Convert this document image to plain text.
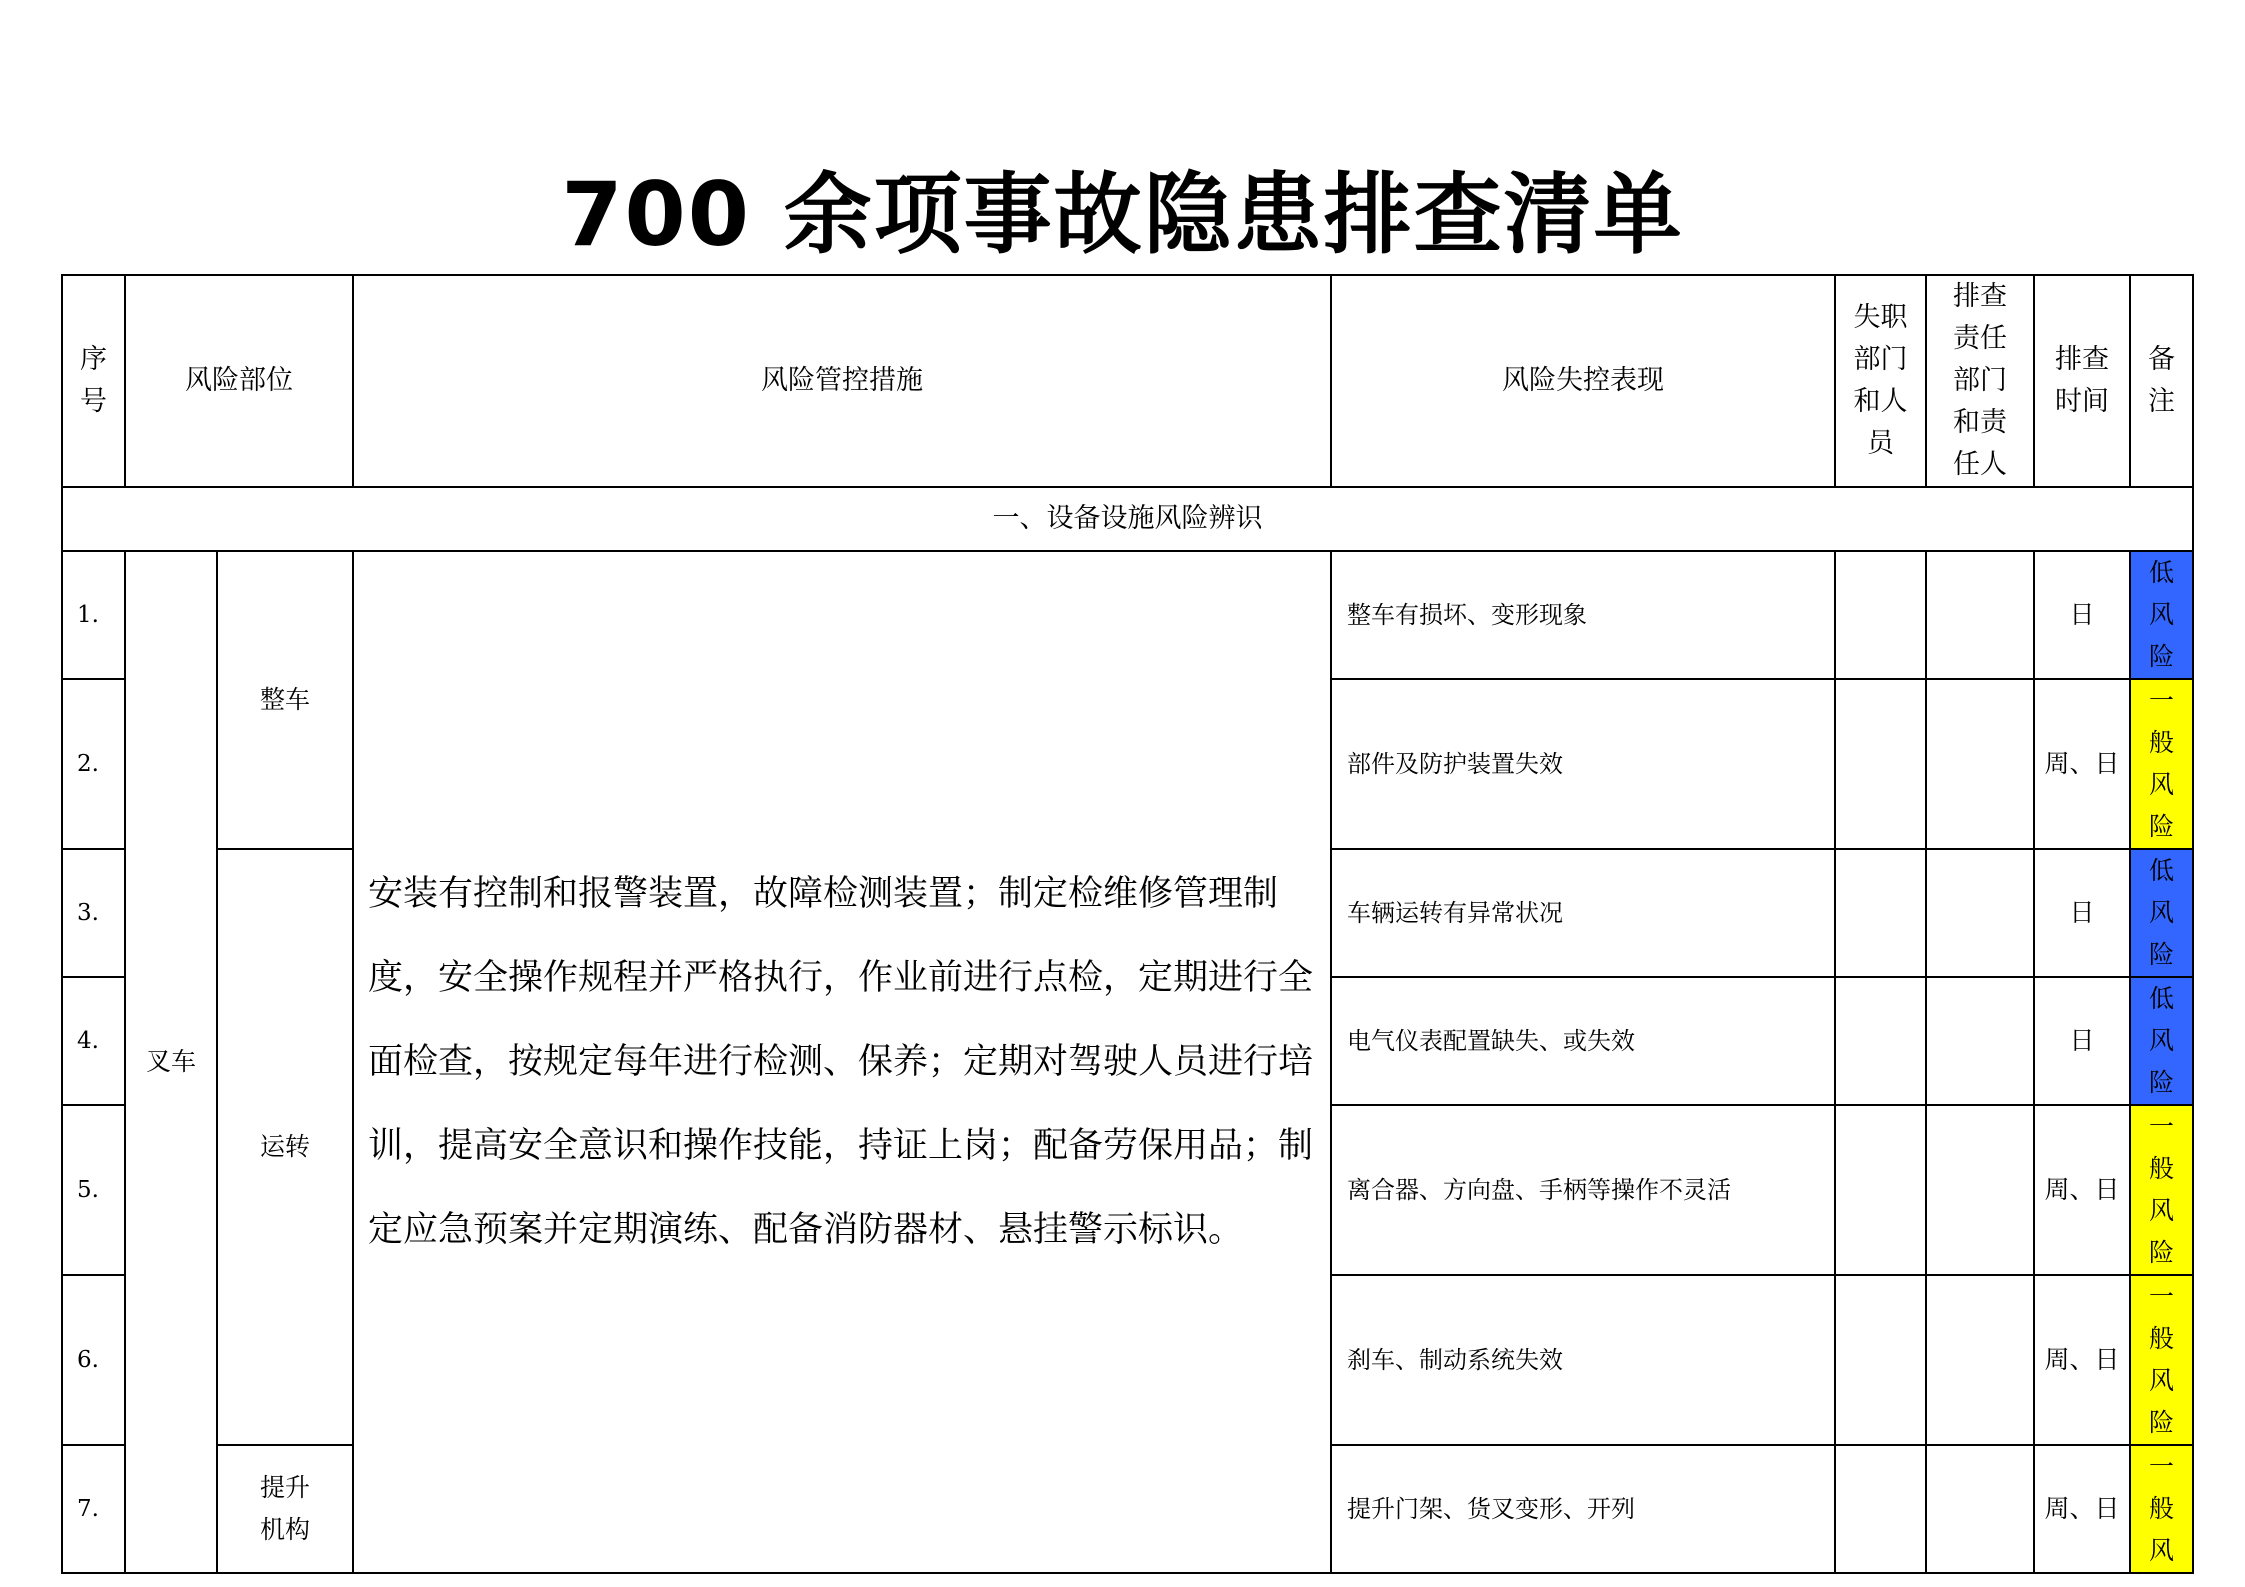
700 余项事故隐患排查清单
序号	风险部位		风险管控措施	风险失控表现	失职部门和人员	排查责任部门和责任人	排查时间	备注

一、设备设施风险辨识								
1.	叉车	整车	安装有控制和报警装置，故障检测装置；制定检维修管理制度，安全操作规程并严格执行，作业前进行点检，定期进行全面检查，按规定每年进行检测、保养；定期对驾驶人员进行培训，提高安全意识和操作技能，持证上岗；配备劳保用品；制定应急预案并定期演练、配备消防器材、悬挂警示标识。	整车有损坏、变形现象			日	低风险

2.				部件及防护装置失效			周、日	一般风险

3.		运转		车辆运转有异常状况			日	低风险

4.				电气仪表配置缺失、或失效			日	低风险

5.				离合器、方向盘、手柄等操作不灵活			周、日	一般风险

6.				刹车、制动系统失效			周、日	一般风险

7.		提升机构		提升门架、货叉变形、开列			周、日	一般风
